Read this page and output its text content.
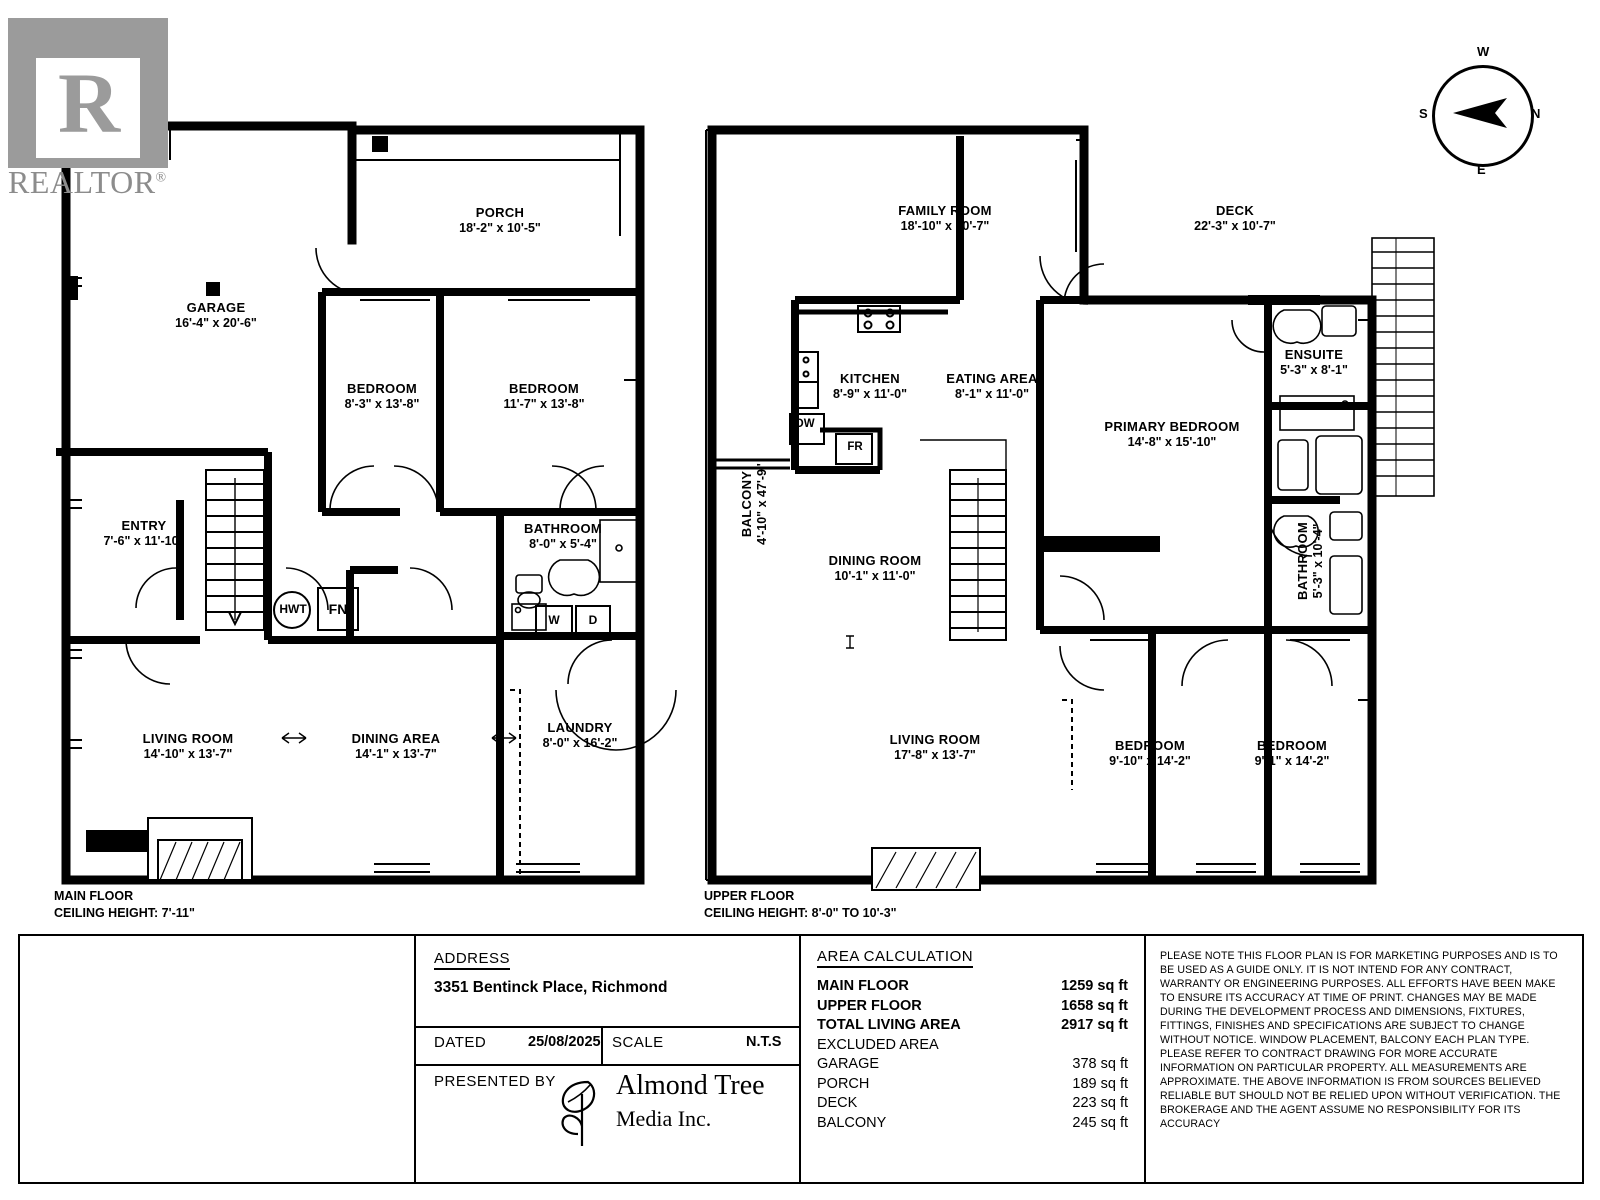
R
REALTOR®
N
S
E
W
PORCH
18'-2" x 10'-5"
GARAGE
16'-4" x 20'-6"
BEDROOM
8'-3" x 13'-8"
BEDROOM
11'-7" x 13'-8"
ENTRY
7'-6" x 11'-10"
BATHROOM
8'-0" x 5'-4"
LIVING ROOM
14'-10" x 13'-7"
DINING AREA
14'-1" x 13'-7"
LAUNDRY
8'-0" x 16'-2"
HWT	FN
W	D
MAIN FLOOR
CEILING HEIGHT: 7'-11"
FAMILY ROOM
18'-10" x 10'-7"
DECK
22'-3" x 10'-7"
KITCHEN
8'-9" x 11'-0"
EATING AREA
8'-1" x 11'-0"
ENSUITE
5'-3" x 8'-1"
PRIMARY BEDROOM
14'-8" x 15'-10"
BATHROOM 5'-3" x 10'-4"
BALCONY 4'-10" x 47'-9"
DINING ROOM
10'-1" x 11'-0"
LIVING ROOM
17'-8" x 13'-7"
BEDROOM
9'-10" x 14'-2"
BEDROOM
9'-1" x 14'-2"
DW
FR
UPPER FLOOR
CEILING HEIGHT: 8'-0" TO 10'-3"
ADDRESS
3351 Bentinck Place, Richmond
DATED	25/08/2025 SCALE	N.T.S
PRESENTED BY Almond Tree
Media Inc.
AREA CALCULATION
MAIN FLOOR	1259 sq ft
UPPER FLOOR	1658 sq ft
TOTAL LIVING AREA	2917 sq ft
EXCLUDED AREA
GARAGE	378 sq ft
PORCH	189 sq ft
DECK	223 sq ft
BALCONY	245 sq ft
PLEASE NOTE THIS FLOOR PLAN IS FOR MARKETING PURPOSES AND IS TO BE USED AS A GUIDE ONLY. IT IS NOT INTEND FOR ANY CONTRACT, WARRANTY OR ENGINEERING PURPOSES. ALL EFFORTS HAVE BEEN MAKE TO ENSURE ITS ACCURACY AT TIME OF PRINT. CHANGES MAY BE MADE DURING THE DEVELOPMENT PROCESS AND DIMENSIONS, FIXTURES, FITTINGS, FINISHES AND SPECIFICATIONS ARE SUBJECT TO CHANGE WITHOUT NOTICE. WINDOW PLACEMENT, BALCONY EACH PLAN TYPE. PLEASE REFER TO CONTRACT DRAWING FOR MORE ACCURATE INFORMATION ON PARTICULAR PROPERTY. ALL MEASUREMENTS ARE APPROXIMATE. THE ABOVE INFORMATION IS FROM SOURCES BELIEVED RELIABLE BUT SHOULD NOT BE RELIED UPON WITHOUT VERIFICATION. THE BROKERAGE AND THE AGENT ASSUME NO RESPONSIBILITY FOR ITS ACCURACY
